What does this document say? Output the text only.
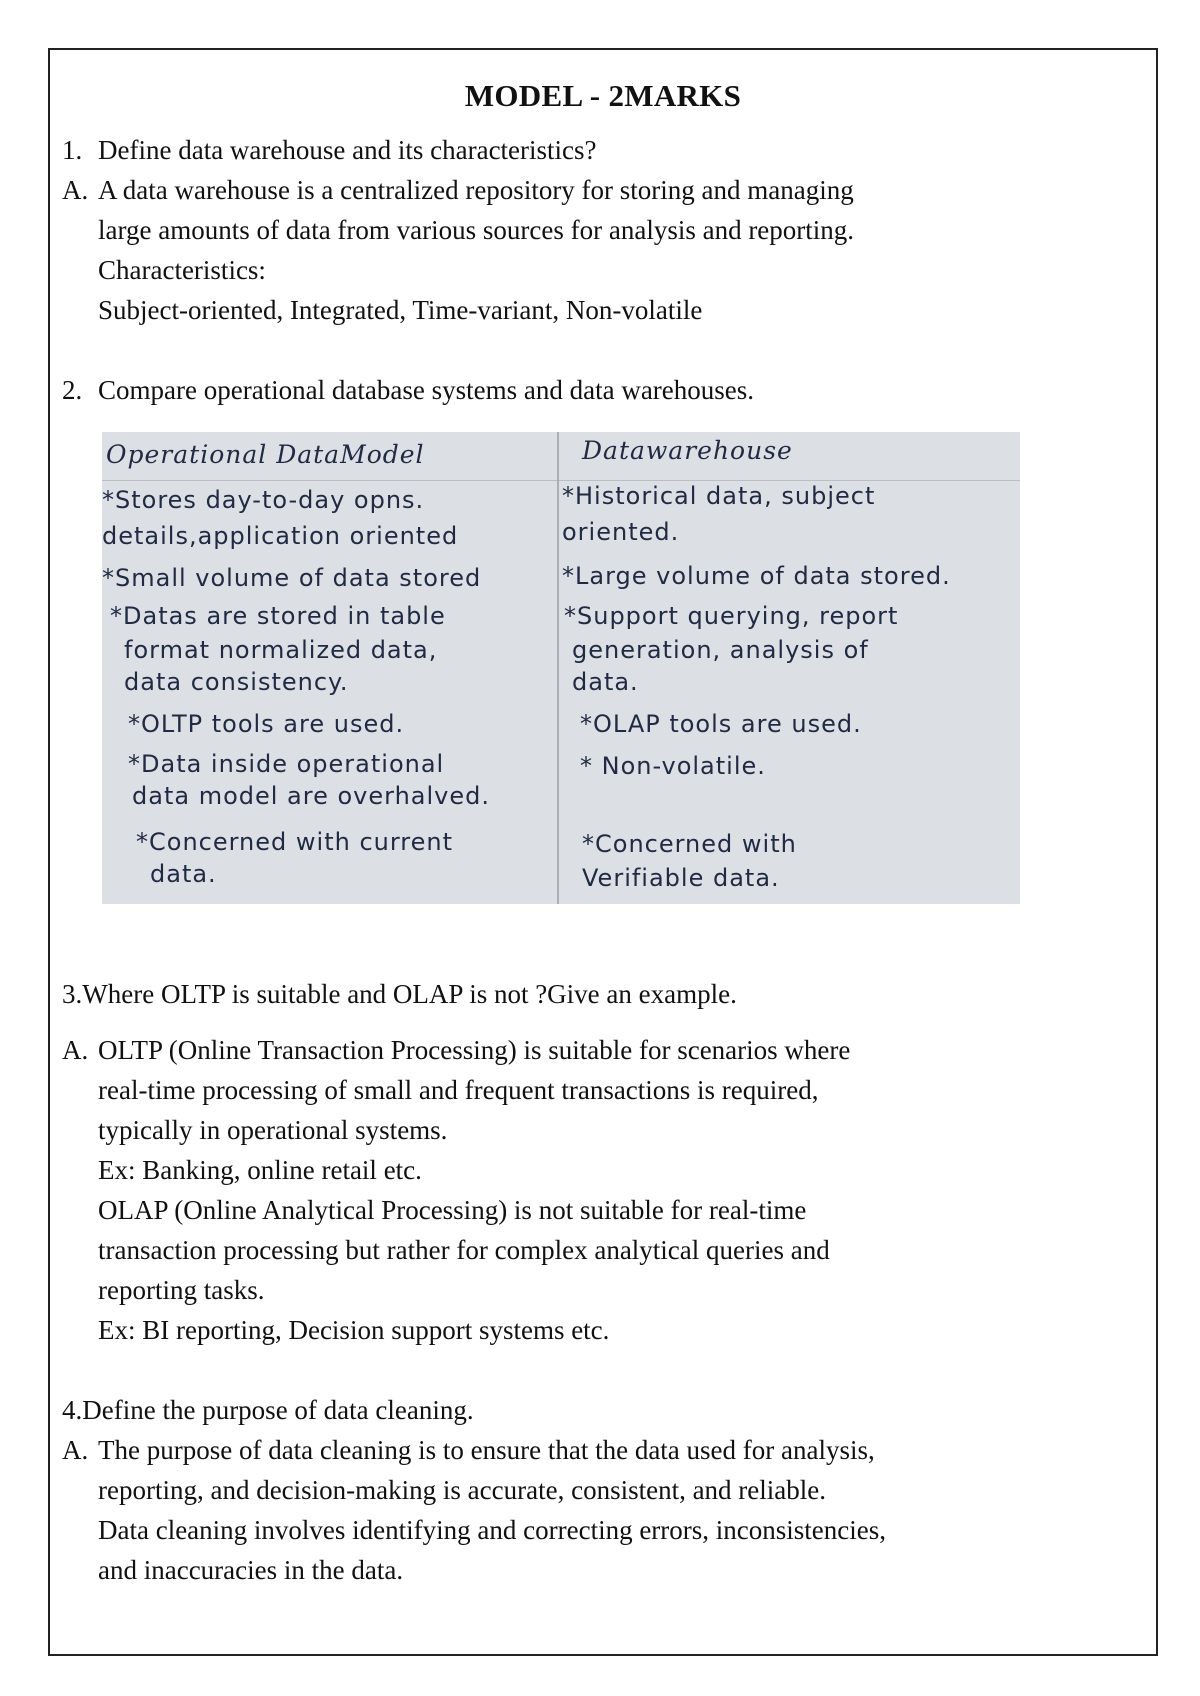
MODEL - 2MARKS
1. Define data warehouse and its characteristics?
A. A data warehouse is a centralized repository for storing and managing
large amounts of data from various sources for analysis and reporting.
Characteristics:
Subject-oriented, Integrated, Time-variant, Non-volatile
2. Compare operational database systems and data warehouses.
Operational DataModel	Datawarehouse
*Stores day-to-day opns.
details,application oriented
*Small volume of data stored
*Datas are stored in table
format normalized data,
data consistency.
*OLTP tools are used.
*Data inside operational
data model are overhalved.
*Concerned with current
data.
*Historical data, subject
oriented.
*Large volume of data stored.
*Support querying, report
generation, analysis of
data.
*OLAP tools are used.
* Non-volatile.
*Concerned with
Verifiable data.
3.Where OLTP is suitable and OLAP is not ?Give an example.
A. OLTP (Online Transaction Processing) is suitable for scenarios where
real-time processing of small and frequent transactions is required,
typically in operational systems.
Ex: Banking, online retail etc.
OLAP (Online Analytical Processing) is not suitable for real-time
transaction processing but rather for complex analytical queries and
reporting tasks.
Ex: BI reporting, Decision support systems etc.
4.Define the purpose of data cleaning.
A. The purpose of data cleaning is to ensure that the data used for analysis,
reporting, and decision-making is accurate, consistent, and reliable.
Data cleaning involves identifying and correcting errors, inconsistencies,
and inaccuracies in the data.
